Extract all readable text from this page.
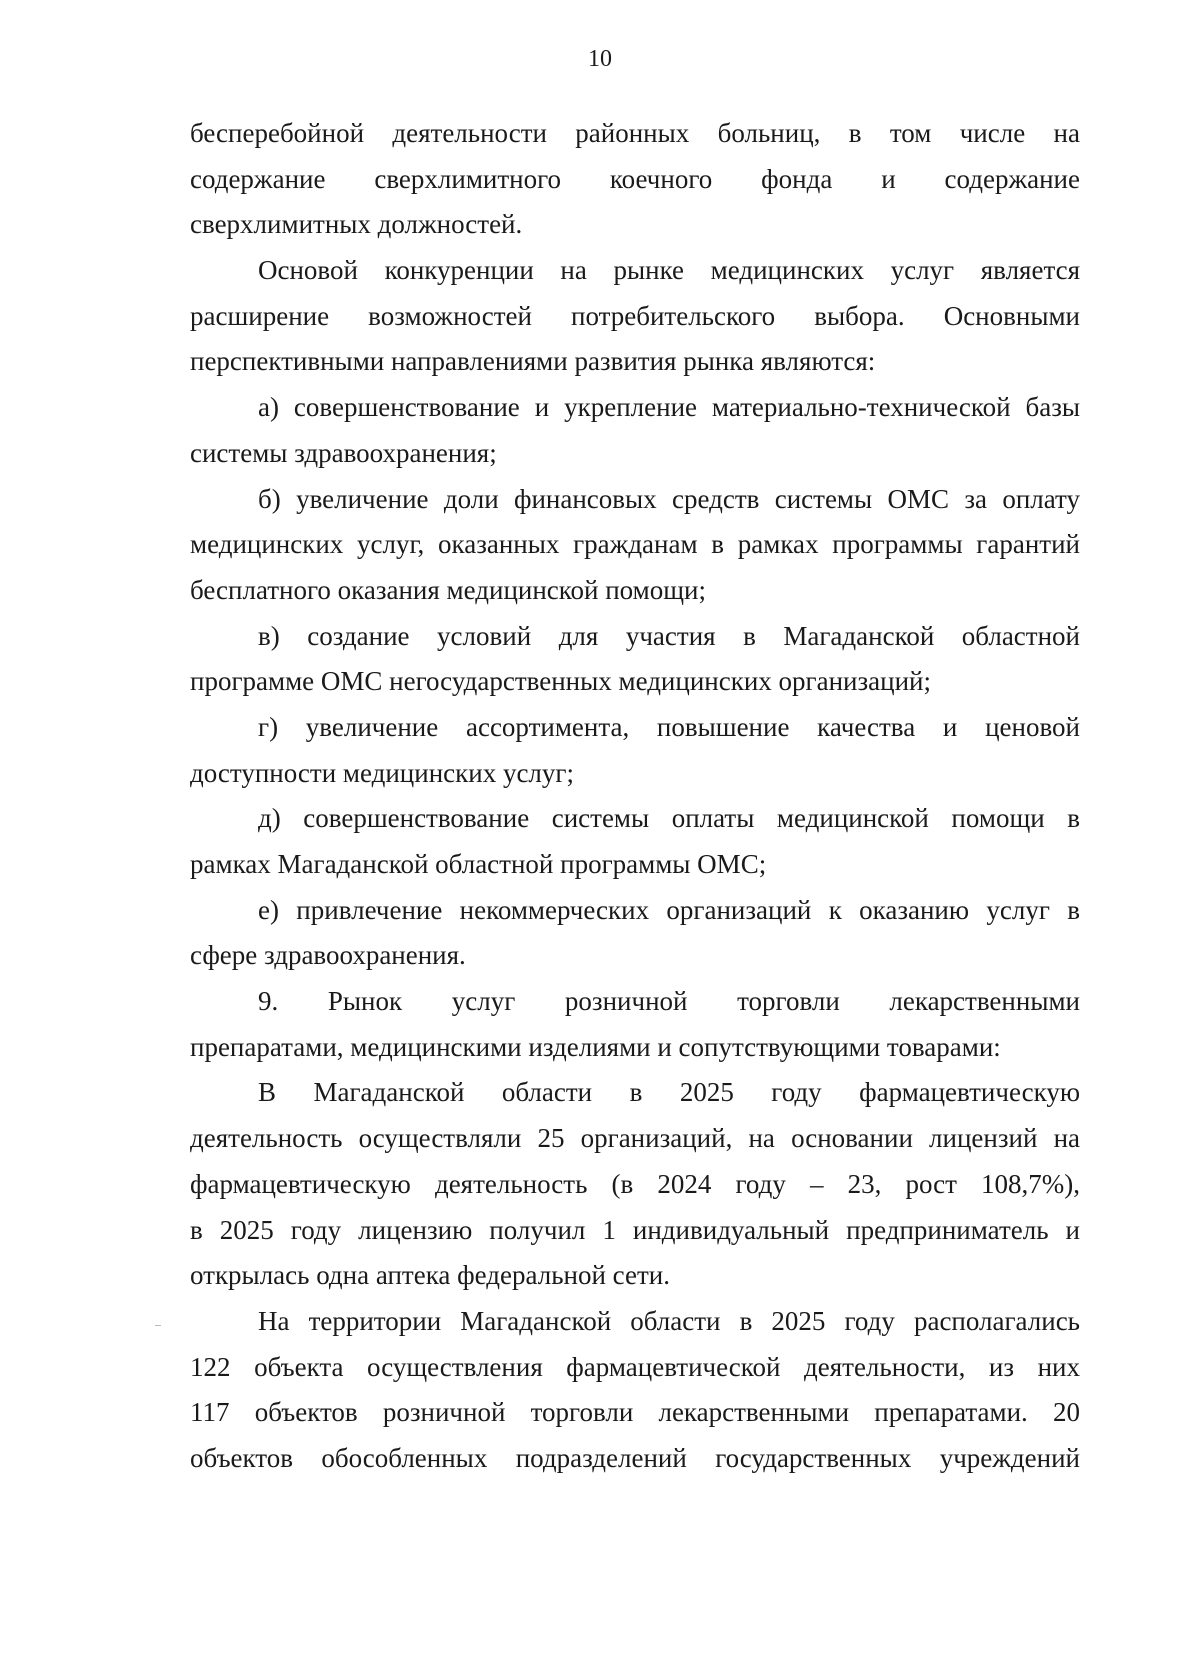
10
бесперебойной деятельности районных больниц, в том числе на
содержание сверхлимитного коечного фонда и содержание
сверхлимитных должностей.
Основой конкуренции на рынке медицинских услуг является
расширение возможностей потребительского выбора. Основными
перспективными направлениями развития рынка являются:
а) совершенствование и укрепление материально-технической базы
системы здравоохранения;
б) увеличение доли финансовых средств системы ОМС за оплату
медицинских услуг, оказанных гражданам в рамках программы гарантий
бесплатного оказания медицинской помощи;
в) создание условий для участия в Магаданской областной
программе ОМС негосударственных медицинских организаций;
г) увеличение ассортимента, повышение качества и ценовой
доступности медицинских услуг;
д) совершенствование системы оплаты медицинской помощи в
рамках Магаданской областной программы ОМС;
е) привлечение некоммерческих организаций к оказанию услуг в
сфере здравоохранения.
9. Рынок услуг розничной торговли лекарственными
препаратами, медицинскими изделиями и сопутствующими товарами:
В Магаданской области в 2025 году фармацевтическую
деятельность осуществляли 25 организаций, на основании лицензий на
фармацевтическую деятельность (в 2024 году – 23, рост 108,7%),
в 2025 году лицензию получил 1 индивидуальный предприниматель и
открылась одна аптека федеральной сети.
На территории Магаданской области в 2025 году располагались
122 объекта осуществления фармацевтической деятельности, из них
117 объектов розничной торговли лекарственными препаратами. 20
объектов обособленных подразделений государственных учреждений
